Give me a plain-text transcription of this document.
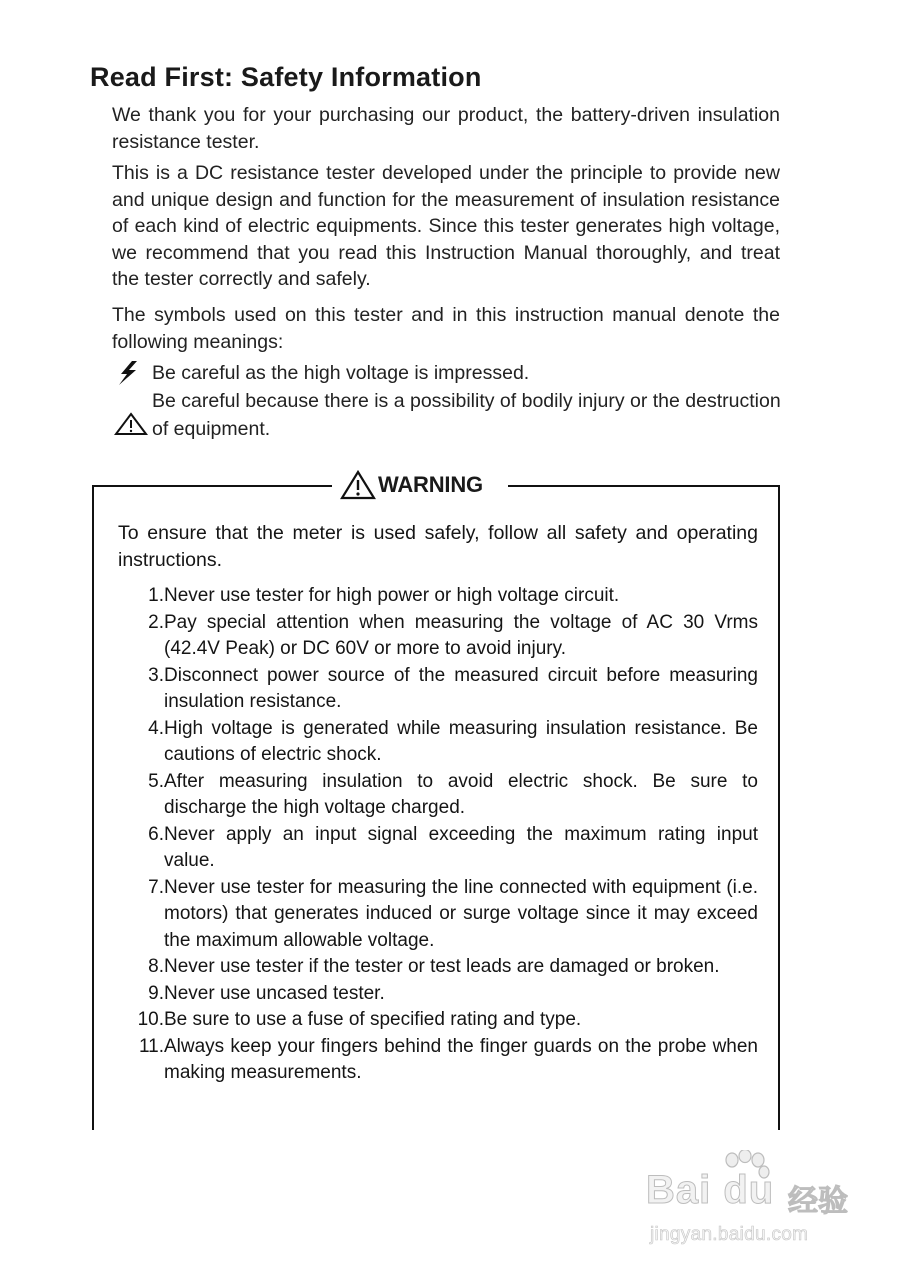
Read First: Safety Information
We thank you for your purchasing our product, the battery-driven insulation resistance tester.
This is a DC resistance tester developed under the principle to provide new and unique design and function for the measurement of insulation resistance of each kind of electric equipments. Since this tester generates high voltage, we recommend that you read this Instruction Manual thoroughly, and treat the tester correctly and safely.
The symbols used on this tester and in this instruction manual denote the following meanings:
Be careful as the high voltage is impressed.
Be careful because there is a possibility of bodily injury or the destruction of equipment.
WARNING
To ensure that the meter is used safely, follow all safety and operating instructions.
1. Never use tester for high power or high voltage circuit.
2. Pay special attention when measuring the voltage of AC 30 Vrms (42.4V Peak) or DC 60V or more to avoid injury.
3. Disconnect power source of the measured circuit before measuring insulation resistance.
4. High voltage is generated while measuring insulation resistance. Be cautions of electric shock.
5. After measuring insulation to avoid electric shock. Be sure to discharge the high voltage charged.
6. Never apply an input signal exceeding the maximum rating input value.
7. Never use tester for measuring the line connected with equipment (i.e. motors) that generates induced or surge voltage since it may exceed the maximum allowable voltage.
8. Never use tester if the tester or test leads are damaged or broken.
9. Never use uncased tester.
10. Be sure to use a fuse of specified rating and type.
11. Always keep your fingers behind the finger guards on the probe when making measurements.
Bai du 经验
jingyan.baidu.com
